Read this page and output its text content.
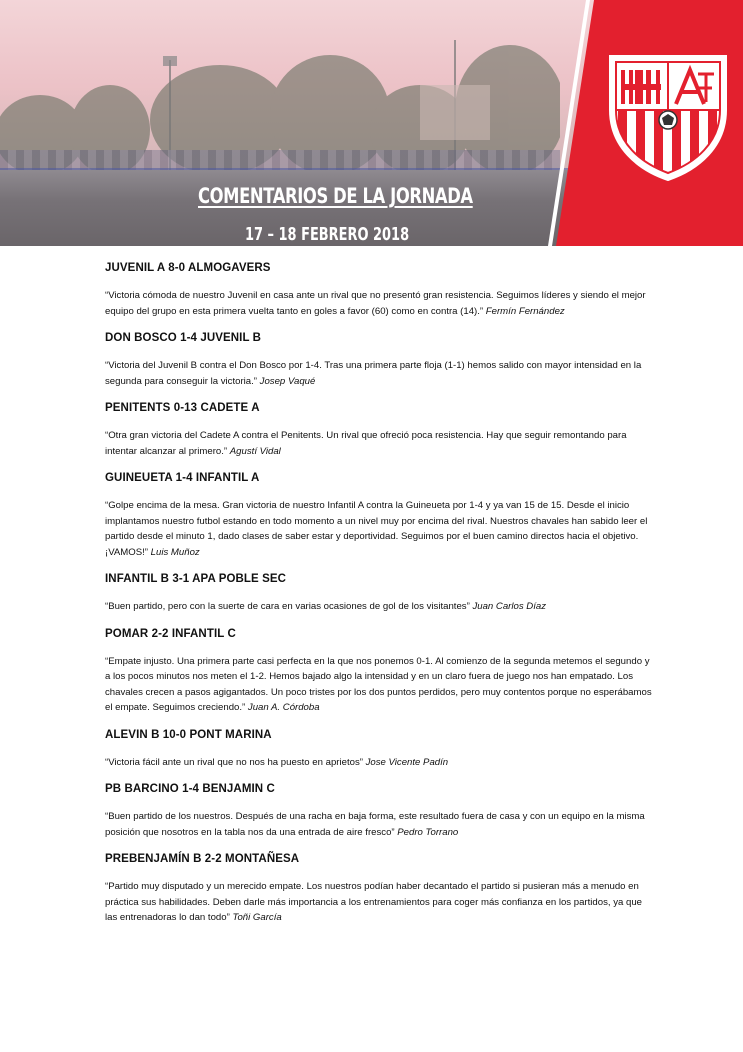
COMENTARIOS DE LA JORNADA
17 – 18 FEBRERO 2018

JUVENIL A 8-0 ALMOGAVERS

“Victoria cómoda de nuestro Juvenil en casa ante un rival que no presentó gran resistencia. Seguimos líderes y siendo el mejor equipo del grupo en esta primera vuelta tanto en goles a favor (60) como en contra (14).” Fermín Fernández

DON BOSCO 1-4 JUVENIL B

“Victoria del Juvenil B contra el Don Bosco por 1-4. Tras una primera parte floja (1-1) hemos salido con mayor intensidad en la segunda para conseguir la victoria.” Josep Vaqué

PENITENTS 0-13 CADETE A

“Otra gran victoria del Cadete A contra el Penitents. Un rival que ofreció poca resistencia. Hay que seguir remontando para intentar alcanzar al primero.” Agustí Vidal

GUINEUETA 1-4 INFANTIL A

“Golpe encima de la mesa. Gran victoria de nuestro Infantil A contra la Guineueta por 1-4 y ya van 15 de 15. Desde el inicio implantamos nuestro futbol estando en todo momento a un nivel muy por encima del rival. Nuestros chavales han sabido leer el partido desde el minuto 1, dado clases de saber estar y deportividad. Seguimos por el buen camino directos hacia el objetivo. ¡VAMOS!” Luis Muñoz

INFANTIL B 3-1 APA POBLE SEC

“Buen partido, pero con la suerte de cara en varias ocasiones de gol de los visitantes” Juan Carlos Díaz

POMAR 2-2 INFANTIL C

“Empate injusto. Una primera parte casi perfecta en la que nos ponemos 0-1. Al comienzo de la segunda metemos el segundo y a los pocos minutos nos meten el 1-2. Hemos bajado algo la intensidad y en un claro fuera de juego nos han empatado. Los chavales crecen a pasos agigantados. Un poco tristes por los dos puntos perdidos, pero muy contentos porque no esperábamos el empate. Seguimos creciendo.” Juan A. Córdoba

ALEVIN B 10-0 PONT MARINA

“Victoria fácil ante un rival que no nos ha puesto en aprietos” Jose Vicente Padín

PB BARCINO 1-4 BENJAMIN C

“Buen partido de los nuestros. Después de una racha en baja forma, este resultado fuera de casa y con un equipo en la misma posición que nosotros en la tabla nos da una entrada de aire fresco” Pedro Torrano

PREBENJAMÍN B 2-2 MONTAÑESA

“Partido muy disputado y un merecido empate. Los nuestros podían haber decantado el partido si pusieran más a menudo en práctica sus habilidades. Deben darle más importancia a los entrenamientos para coger más confianza en los partidos, ya que las entrenadoras lo dan todo” Toñi García
